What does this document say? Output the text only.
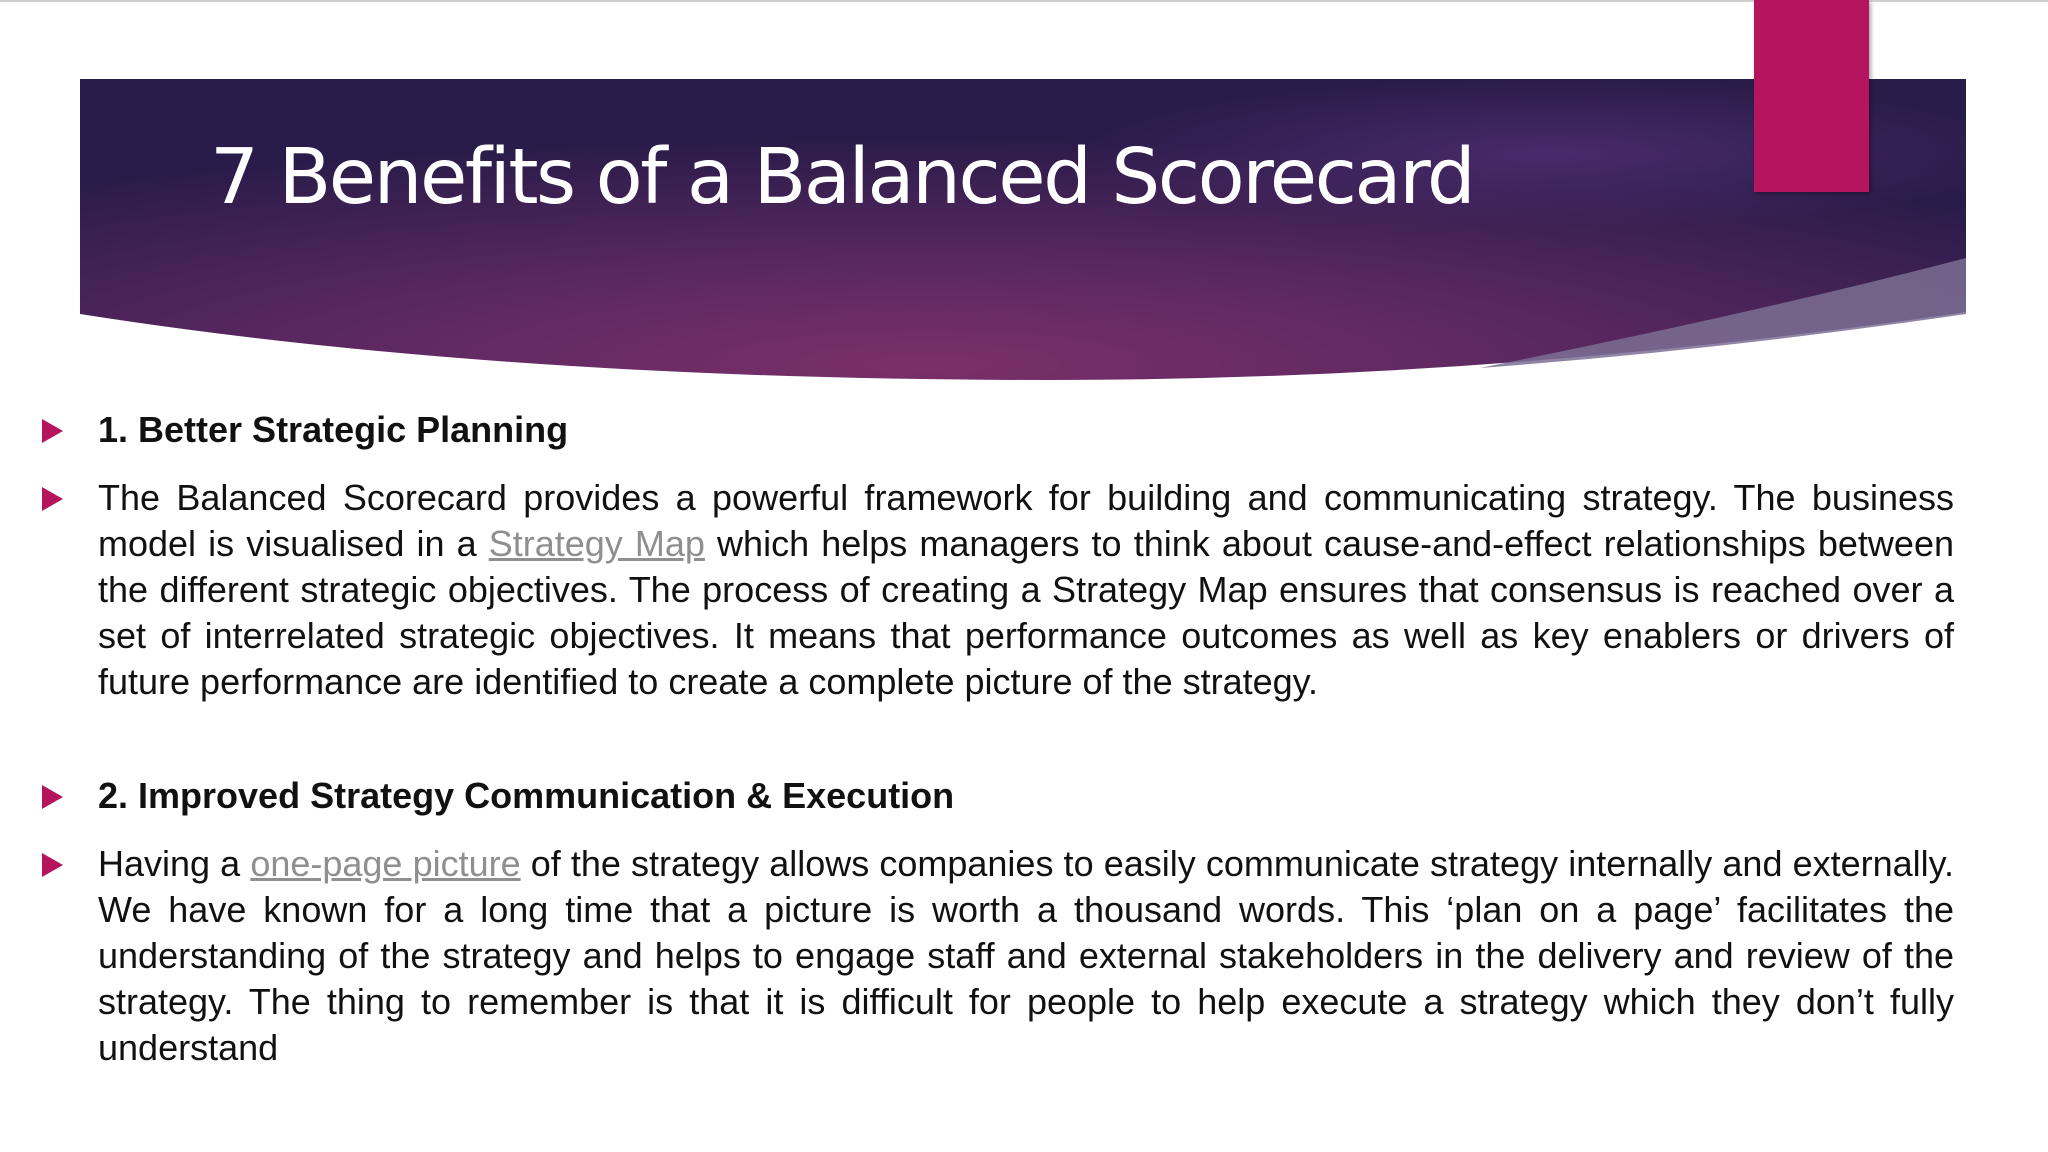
7 Benefits of a Balanced Scorecard

1. Better Strategic Planning

The Balanced Scorecard provides a powerful framework for building and communicating strategy. The business model is visualised in a Strategy Map which helps managers to think about cause-and-effect relationships between the different strategic objectives. The process of creating a Strategy Map ensures that consensus is reached over a set of interrelated strategic objectives. It means that performance outcomes as well as key enablers or drivers of future performance are identified to create a complete picture of the strategy.

2. Improved Strategy Communication & Execution

Having a one-page picture of the strategy allows companies to easily communicate strategy internally and externally. We have known for a long time that a picture is worth a thousand words. This ‘plan on a page’ facilitates the understanding of the strategy and helps to engage staff and external stakeholders in the delivery and review of the strategy. The thing to remember is that it is difficult for people to help execute a strategy which they don’t fully understand
